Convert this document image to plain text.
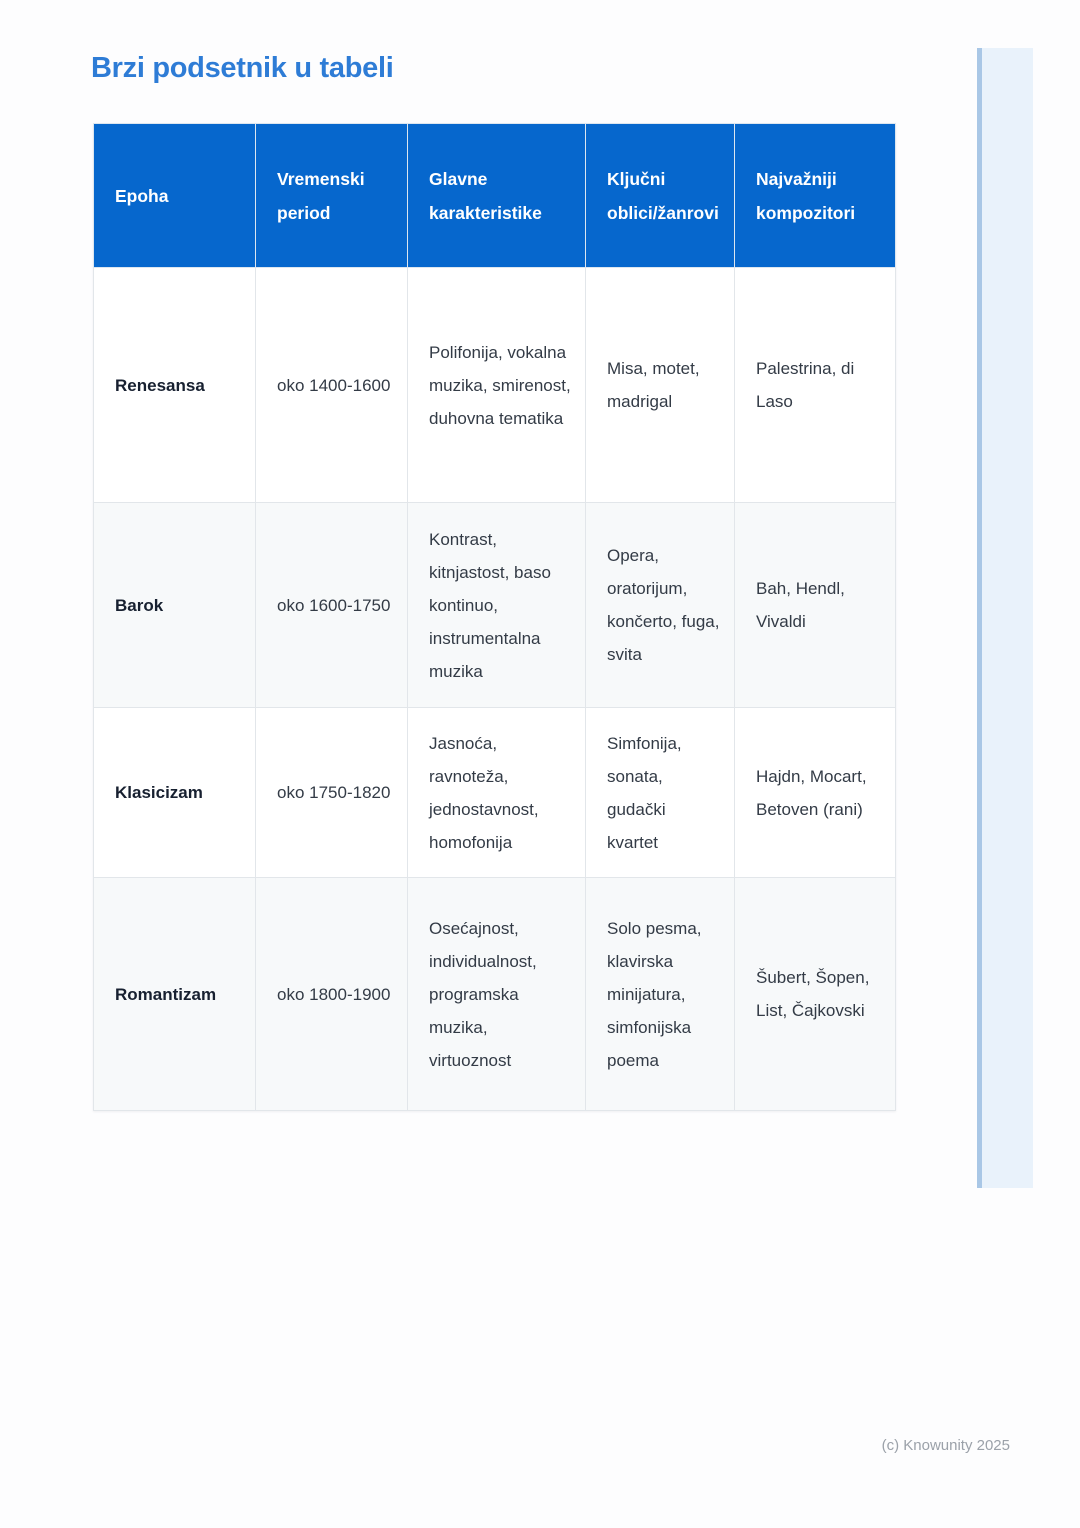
Brzi podsetnik u tabeli
Epoha	Vremenski period	Glavne karakteristike	Ključni oblici/žanrovi	Najvažniji kompozitori
Renesansa	oko 1400-1600	Polifonija, vokalna muzika, smirenost, duhovna tematika	Misa, motet, madrigal	Palestrina, di Laso
Barok	oko 1600-1750	Kontrast, kitnjastost, baso kontinuo, instrumentalna muzika	Opera, oratorijum, končerto, fuga, svita	Bah, Hendl, Vivaldi
Klasicizam	oko 1750-1820	Jasnoća, ravnoteža, jednostavnost, homofonija	Simfonija, sonata, gudački kvartet	Hajdn, Mocart, Betoven (rani)
Romantizam	oko 1800-1900	Osećajnost, individualnost, programska muzika, virtuoznost	Solo pesma, klavirska minijatura, simfonijska poema	Šubert, Šopen, List, Čajkovski
(c) Knowunity 2025
